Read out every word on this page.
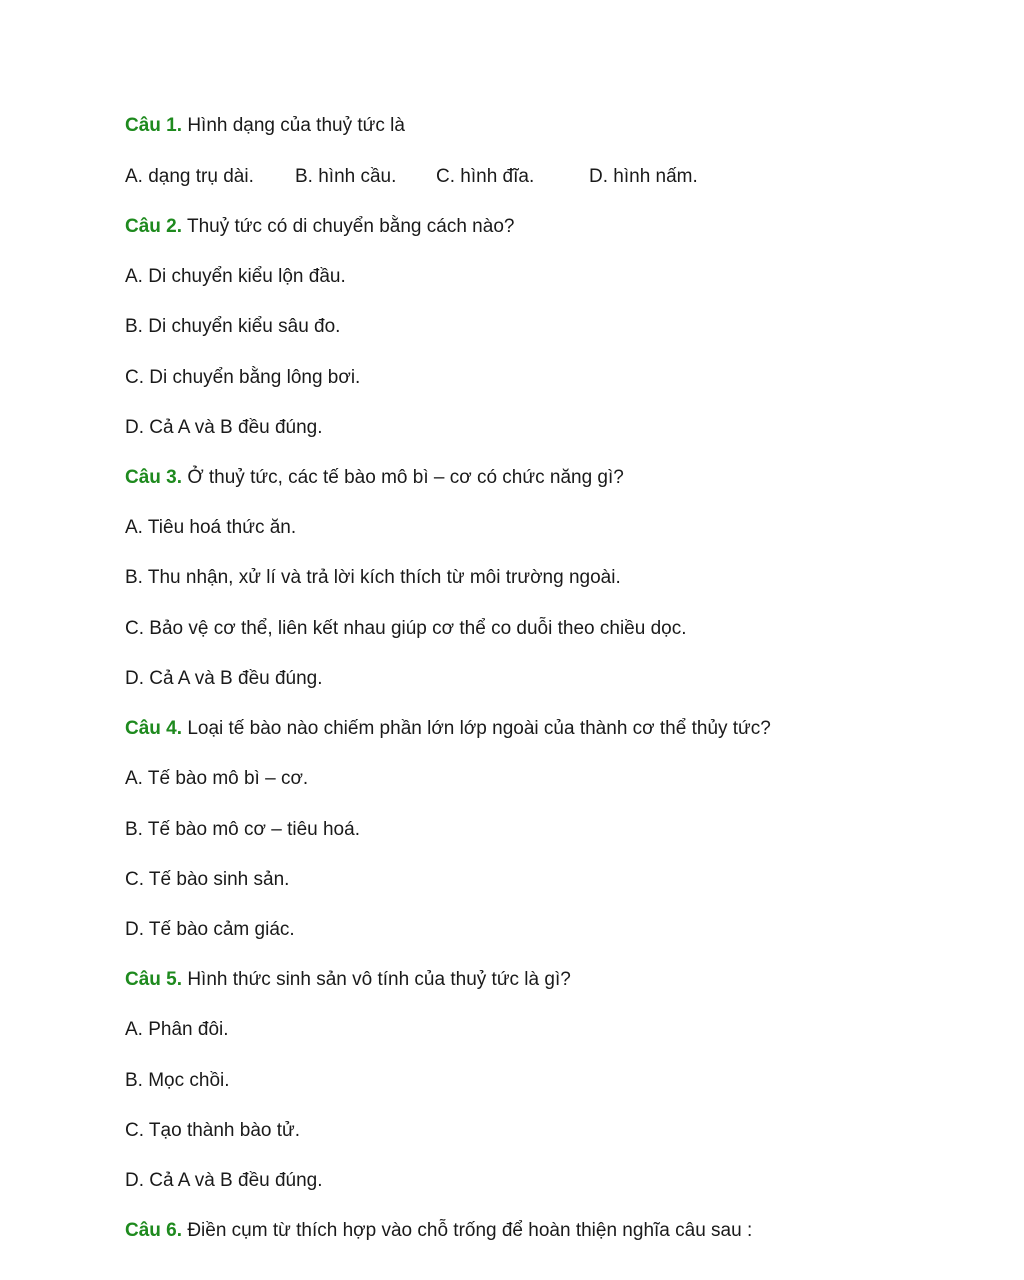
Câu 1. Hình dạng của thuỷ tức là
A. dạng trụ dài. B. hình cầu. C. hình đĩa.	D. hình nấm.
Câu 2. Thuỷ tức có di chuyển bằng cách nào?
A. Di chuyển kiểu lộn đầu.
B. Di chuyển kiểu sâu đo.
C. Di chuyển bằng lông bơi.
D. Cả A và B đều đúng.
Câu 3. Ở thuỷ tức, các tế bào mô bì – cơ có chức năng gì?
A. Tiêu hoá thức ăn.
B. Thu nhận, xử lí và trả lời kích thích từ môi trường ngoài.
C. Bảo vệ cơ thể, liên kết nhau giúp cơ thể co duỗi theo chiều dọc.
D. Cả A và B đều đúng.
Câu 4. Loại tế bào nào chiếm phần lớn lớp ngoài của thành cơ thể thủy tức?
A. Tế bào mô bì – cơ.
B. Tế bào mô cơ – tiêu hoá.
C. Tế bào sinh sản.
D. Tế bào cảm giác.
Câu 5. Hình thức sinh sản vô tính của thuỷ tức là gì?
A. Phân đôi.
B. Mọc chồi.
C. Tạo thành bào tử.
D. Cả A và B đều đúng.
Câu 6. Điền cụm từ thích hợp vào chỗ trống để hoàn thiện nghĩa câu sau :
